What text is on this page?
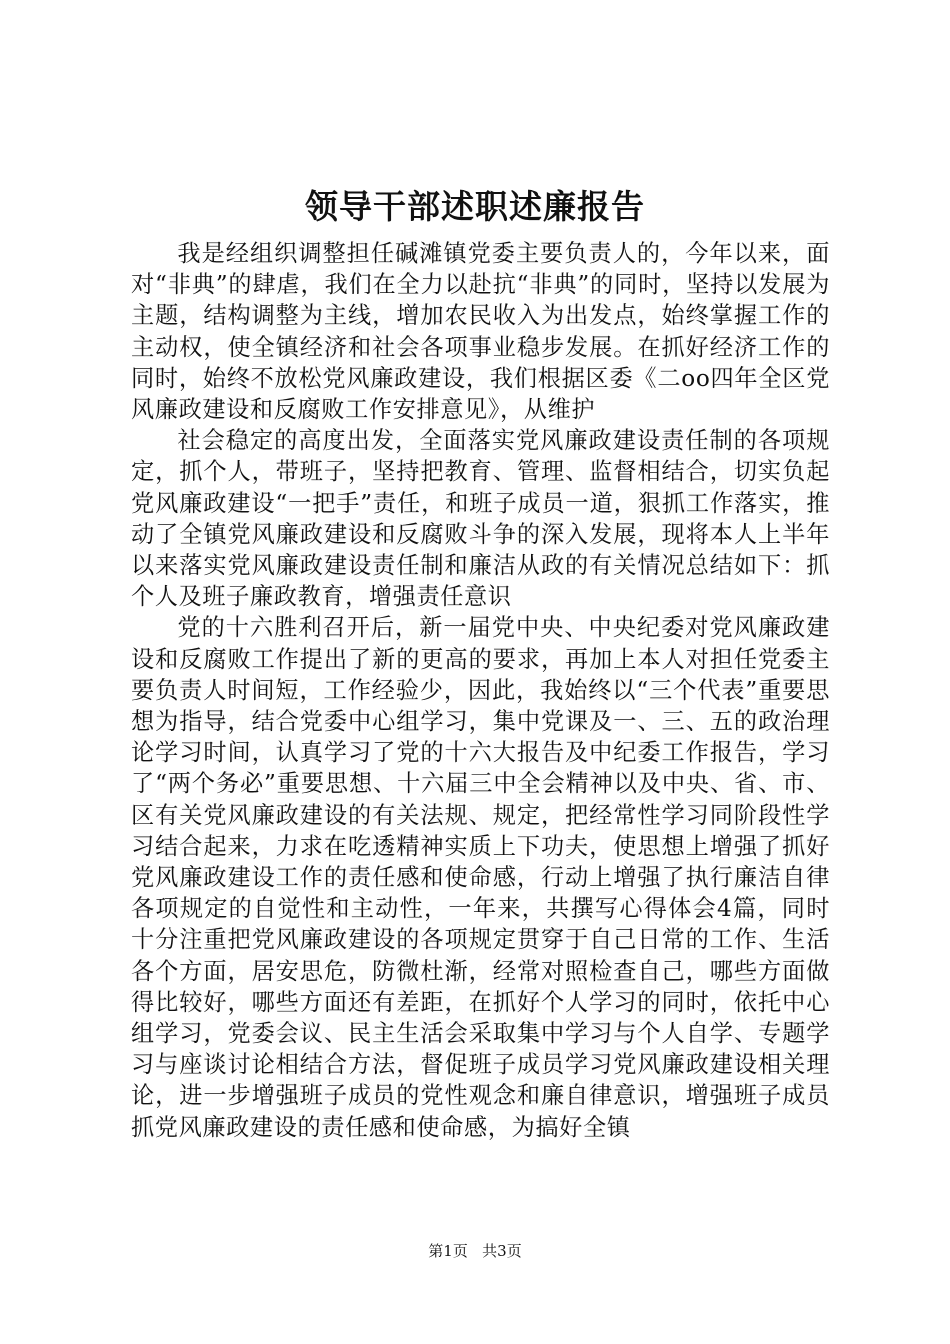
领导干部述职述廉报告

我是经组织调整担任碱滩镇党委主要负责人的，今年以来，面对“非典”的肆虐，我们在全力以赴抗“非典”的同时，坚持以发展为主题，结构调整为主线，增加农民收入为出发点，始终掌握工作的主动权，使全镇经济和社会各项事业稳步发展。在抓好经济工作的同时，始终不放松党风廉政建设，我们根据区委《二oo四年全区党风廉政建设和反腐败工作安排意见》，从维护

社会稳定的高度出发，全面落实党风廉政建设责任制的各项规定，抓个人，带班子，坚持把教育、管理、监督相结合，切实负起党风廉政建设“一把手”责任，和班子成员一道，狠抓工作落实，推动了全镇党风廉政建设和反腐败斗争的深入发展，现将本人上半年以来落实党风廉政建设责任制和廉洁从政的有关情况总结如下：抓个人及班子廉政教育，增强责任意识

党的十六胜利召开后，新一届党中央、中央纪委对党风廉政建设和反腐败工作提出了新的更高的要求，再加上本人对担任党委主要负责人时间短，工作经验少，因此，我始终以“三个代表”重要思想为指导，结合党委中心组学习，集中党课及一、三、五的政治理论学习时间，认真学习了党的十六大报告及中纪委工作报告，学习了“两个务必”重要思想、十六届三中全会精神以及中央、省、市、区有关党风廉政建设的有关法规、规定，把经常性学习同阶段性学习结合起来，力求在吃透精神实质上下功夫，使思想上增强了抓好党风廉政建设工作的责任感和使命感，行动上增强了执行廉洁自律各项规定的自觉性和主动性，一年来，共撰写心得体会4篇，同时十分注重把党风廉政建设的各项规定贯穿于自己日常的工作、生活各个方面，居安思危，防微杜渐，经常对照检查自己，哪些方面做得比较好，哪些方面还有差距，在抓好个人学习的同时，依托中心组学习，党委会议、民主生活会采取集中学习与个人自学、专题学习与座谈讨论相结合方法，督促班子成员学习党风廉政建设相关理论，进一步增强班子成员的党性观念和廉自律意识，增强班子成员抓党风廉政建设的责任感和使命感，为搞好全镇

第1页 共3页
